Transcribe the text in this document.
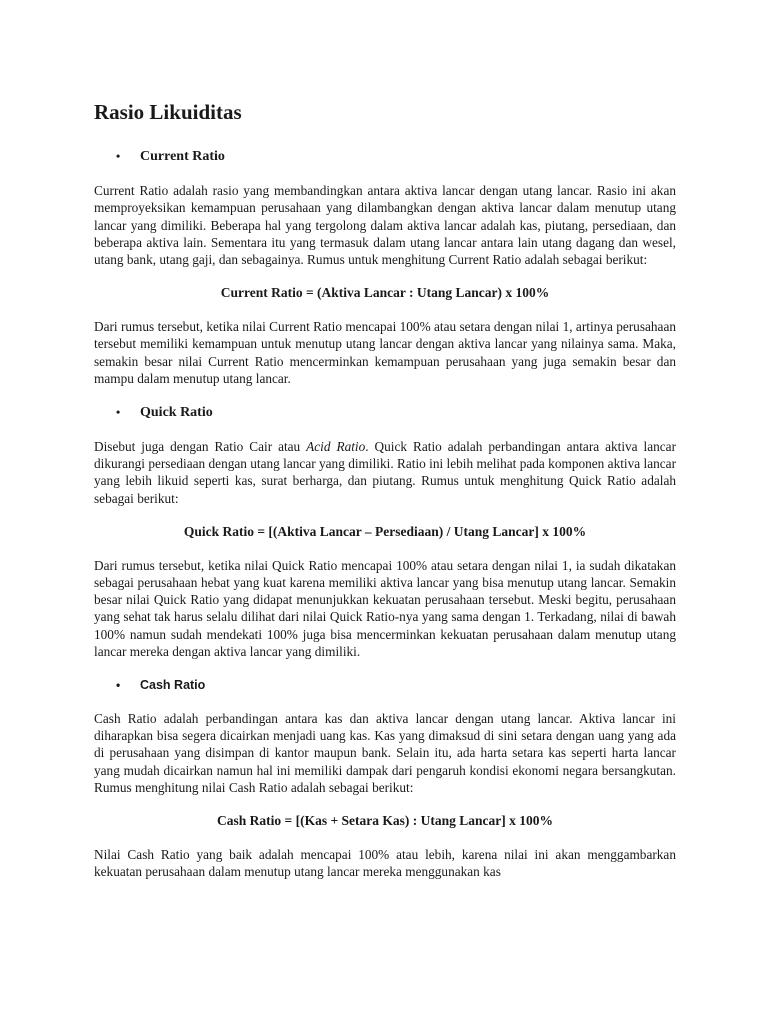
Rasio Likuiditas
•	Current Ratio

Current Ratio adalah rasio yang membandingkan antara aktiva lancar dengan utang lancar. Rasio ini akan memproyeksikan kemampuan perusahaan yang dilambangkan dengan aktiva lancar dalam menutup utang lancar yang dimiliki. Beberapa hal yang tergolong dalam aktiva lancar adalah kas, piutang, persediaan, dan beberapa aktiva lain. Sementara itu yang termasuk dalam utang lancar antara lain utang dagang dan wesel, utang bank, utang gaji, dan sebagainya. Rumus untuk menghitung Current Ratio adalah sebagai berikut:

Current Ratio = (Aktiva Lancar : Utang Lancar) x 100%

Dari rumus tersebut, ketika nilai Current Ratio mencapai 100% atau setara dengan nilai 1, artinya perusahaan tersebut memiliki kemampuan untuk menutup utang lancar dengan aktiva lancar yang nilainya sama. Maka, semakin besar nilai Current Ratio mencerminkan kemampuan perusahaan yang juga semakin besar dan mampu dalam menutup utang lancar.

•	Quick Ratio

Disebut juga dengan Ratio Cair atau Acid Ratio. Quick Ratio adalah perbandingan antara aktiva lancar dikurangi persediaan dengan utang lancar yang dimiliki. Ratio ini lebih melihat pada komponen aktiva lancar yang lebih likuid seperti kas, surat berharga, dan piutang. Rumus untuk menghitung Quick Ratio adalah sebagai berikut:

Quick Ratio = [(Aktiva Lancar – Persediaan) / Utang Lancar] x 100%

Dari rumus tersebut, ketika nilai Quick Ratio mencapai 100% atau setara dengan nilai 1, ia sudah dikatakan sebagai perusahaan hebat yang kuat karena memiliki aktiva lancar yang bisa menutup utang lancar. Semakin besar nilai Quick Ratio yang didapat menunjukkan kekuatan perusahaan tersebut. Meski begitu, perusahaan yang sehat tak harus selalu dilihat dari nilai Quick Ratio-nya yang sama dengan 1. Terkadang, nilai di bawah 100% namun sudah mendekati 100% juga bisa mencerminkan kekuatan perusahaan dalam menutup utang lancar mereka dengan aktiva lancar yang dimiliki.

•	Cash Ratio

Cash Ratio adalah perbandingan antara kas dan aktiva lancar dengan utang lancar. Aktiva lancar ini diharapkan bisa segera dicairkan menjadi uang kas. Kas yang dimaksud di sini setara dengan uang yang ada di perusahaan yang disimpan di kantor maupun bank. Selain itu, ada harta setara kas seperti harta lancar yang mudah dicairkan namun hal ini memiliki dampak dari pengaruh kondisi ekonomi negara bersangkutan. Rumus menghitung nilai Cash Ratio adalah sebagai berikut:

Cash Ratio = [(Kas + Setara Kas) : Utang Lancar] x 100%

Nilai Cash Ratio yang baik adalah mencapai 100% atau lebih, karena nilai ini akan menggambarkan kekuatan perusahaan dalam menutup utang lancar mereka menggunakan kas
